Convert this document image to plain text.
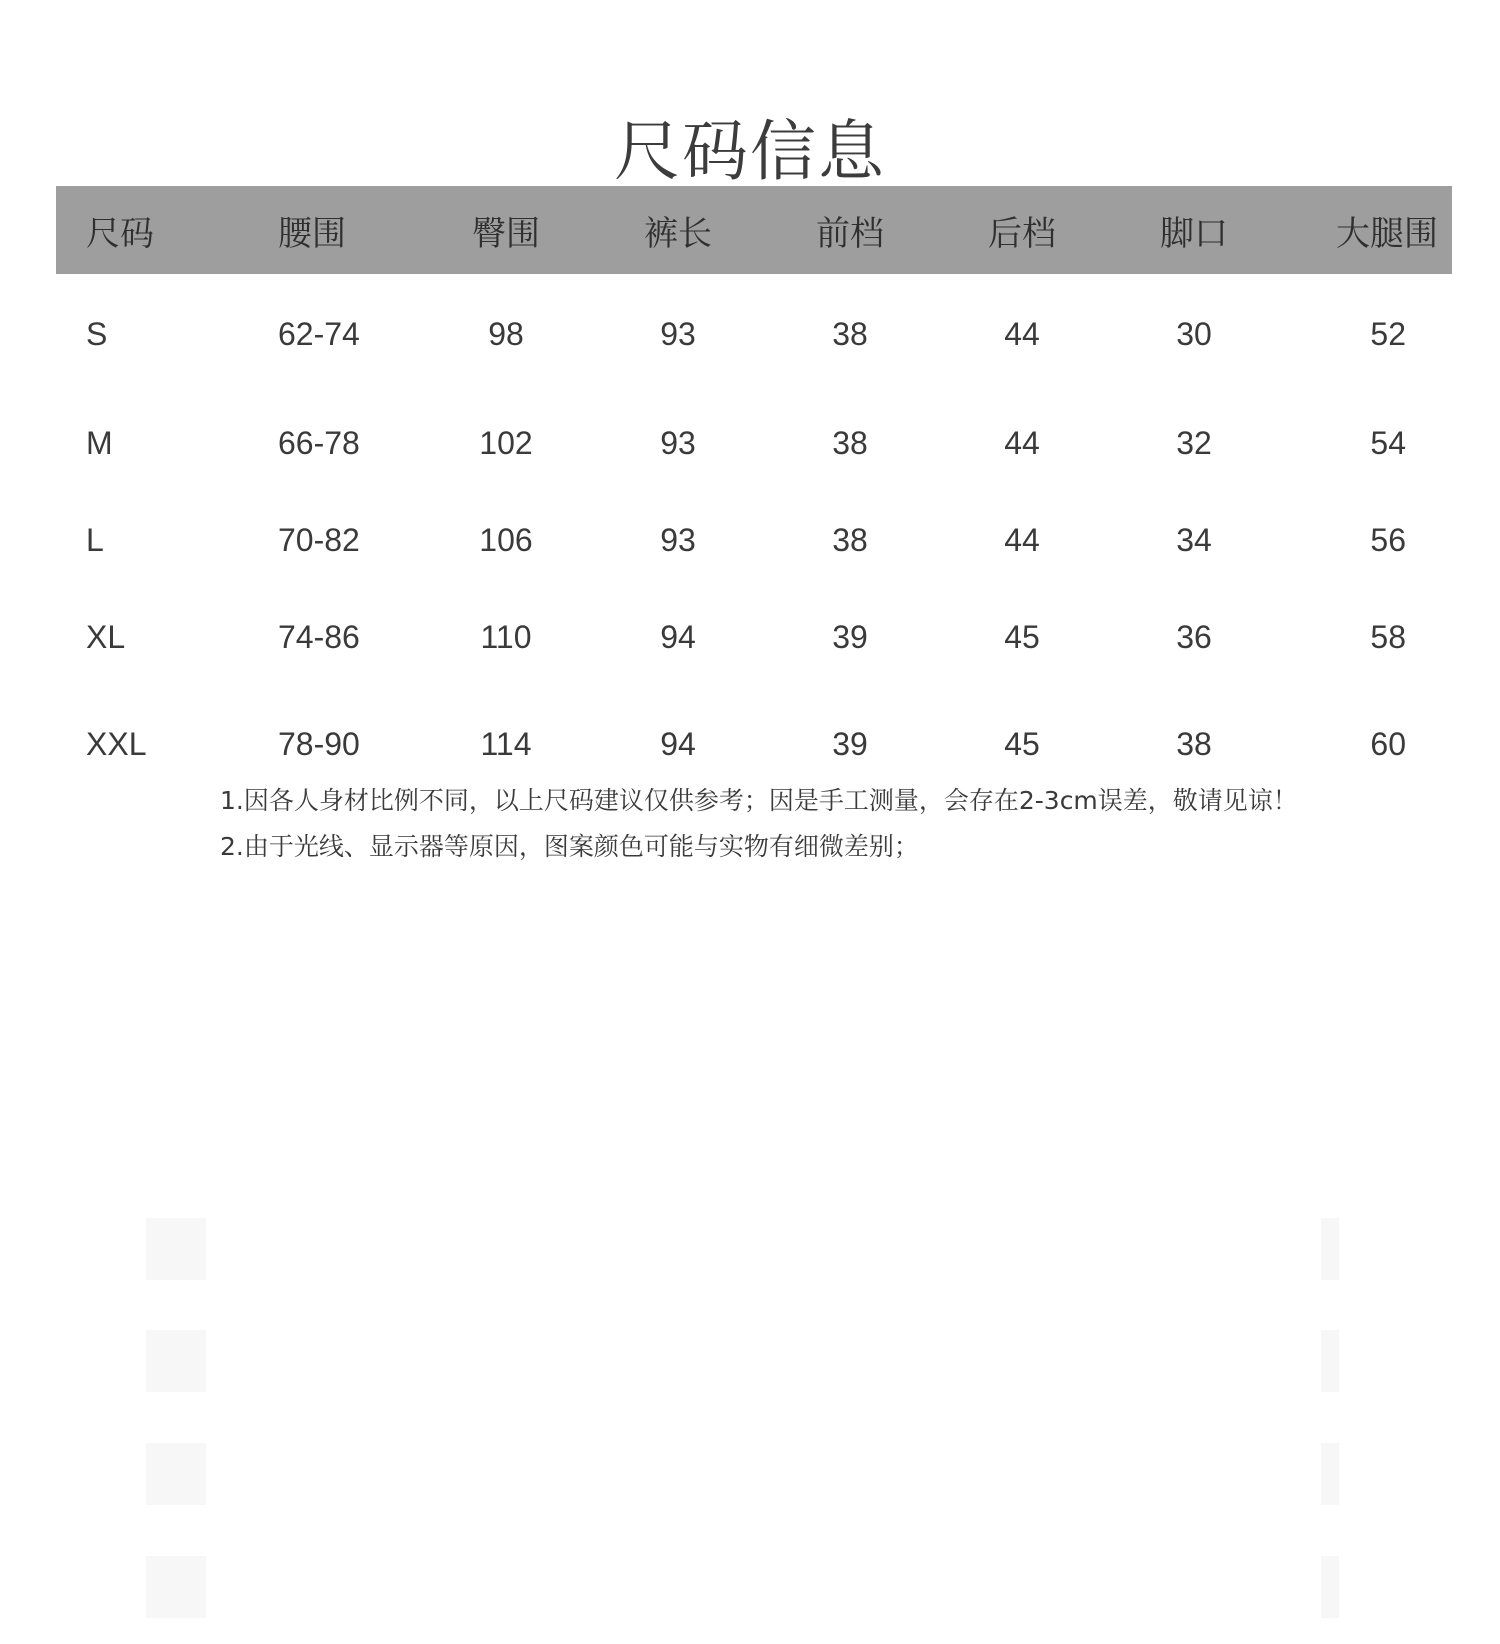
尺码信息
尺码	腰围	臀围	裤长	前档	后档	脚口	大腿围
S	62-74	98	93	38	44	30	52
M	66-78	102	93	38	44	32	54
L	70-82	106	93	38	44	34	56
XL	74-86	110	94	39	45	36	58
XXL	78-90	114	94	39	45	38	60
1.因各人身材比例不同，以上尺码建议仅供参考；因是手工测量，会存在2-3cm误差，敬请见谅！
2.由于光线、显示器等原因，图案颜色可能与实物有细微差别；
